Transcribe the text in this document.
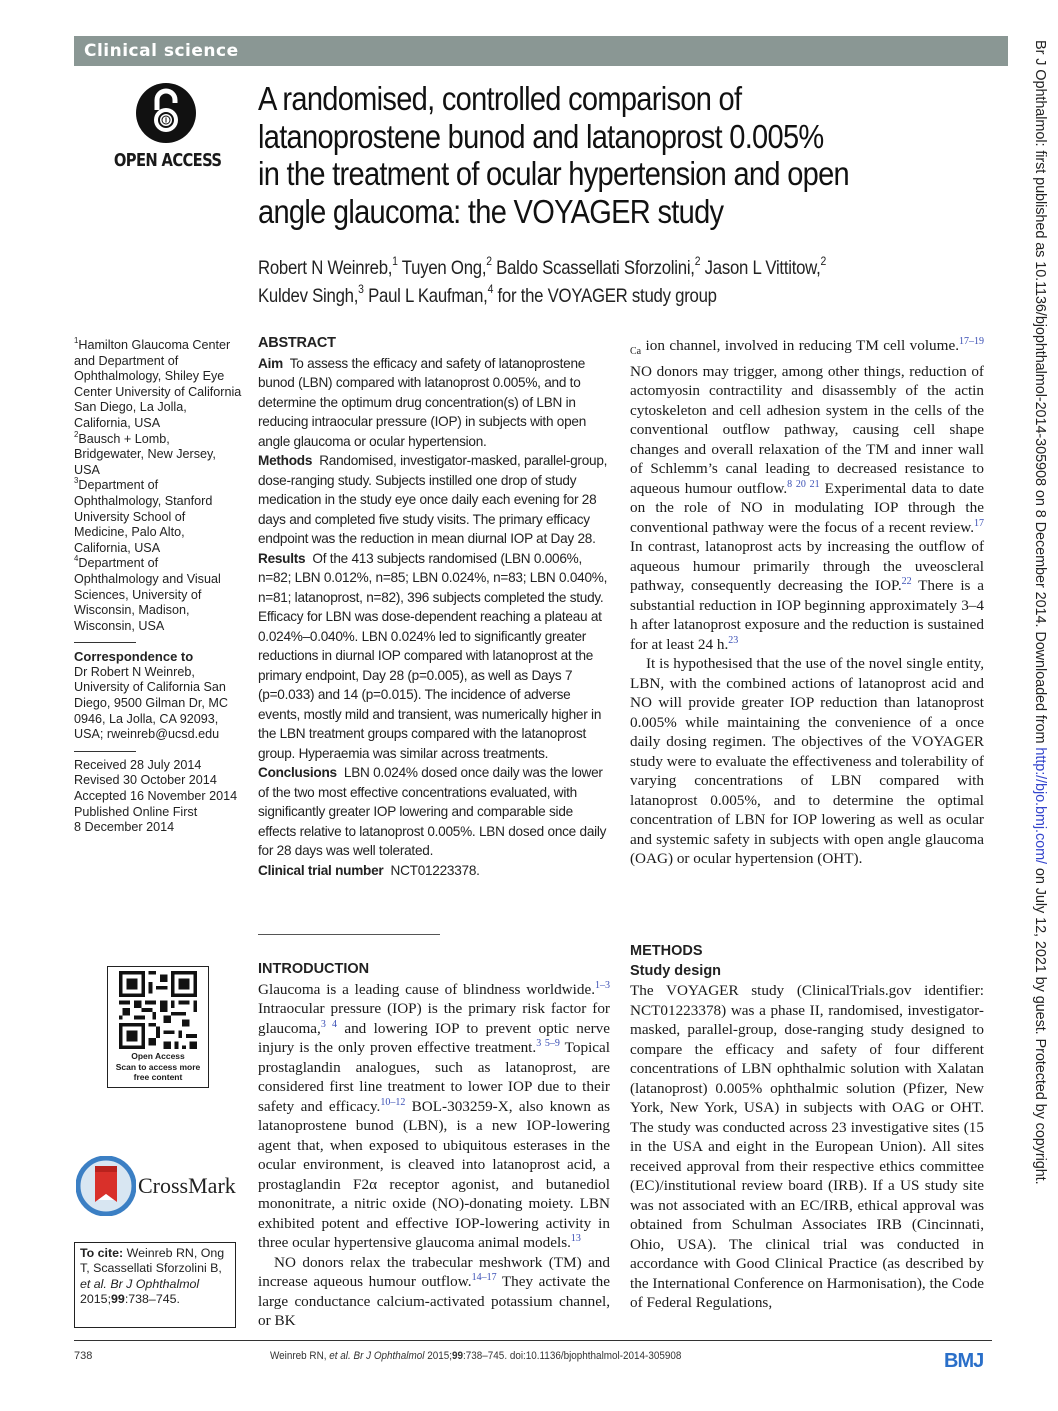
Clinical science
OPEN ACCESS
A randomised, controlled comparison of
latanoprostene bunod and latanoprost 0.005%
in the treatment of ocular hypertension and open
angle glaucoma: the VOYAGER study
Robert N Weinreb,$^1$ Tuyen Ong,$^2$ Baldo Scassellati Sforzolini,$^2$ Jason L Vittitow,$^2$
Kuldev Singh,$^3$ Paul L Kaufman,$^4$ for the VOYAGER study group

$^1$Hamilton Glaucoma Center and Department of Ophthalmology, Shiley Eye Center University of California San Diego, La Jolla, California, USA

$^2$Bausch + Lomb, Bridgewater, New Jersey, USA

$^3$Department of Ophthalmology, Stanford University School of Medicine, Palo Alto, California, USA

$^4$Department of Ophthalmology and Visual Sciences, University of Wisconsin, Madison, Wisconsin, USA

Correspondence to

Dr Robert N Weinreb, University of California San Diego, 9500 Gilman Dr, MC 0946, La Jolla, CA 92093, USA; rweinreb@ucsd.edu

Received 28 July 2014

Revised 30 October 2014

Accepted 16 November 2014

Published Online First

8 December 2014

Open Access
Scan to access more
free content
CrossMark
To cite: Weinreb RN, Ong T, Scassellati Sforzolini B, et al. Br J Ophthalmol 2015;99:738–745.

ABSTRACT

Aim To assess the efficacy and safety of latanoprostene bunod (LBN) compared with latanoprost 0.005%, and to determine the optimum drug concentration(s) of LBN in reducing intraocular pressure (IOP) in subjects with open angle glaucoma or ocular hypertension.

Methods Randomised, investigator-masked, parallel-group, dose-ranging study. Subjects instilled one drop of study medication in the study eye once daily each evening for 28 days and completed five study visits. The primary efficacy endpoint was the reduction in mean diurnal IOP at Day 28.

Results Of the 413 subjects randomised (LBN 0.006%, n=82; LBN 0.012%, n=85; LBN 0.024%, n=83; LBN 0.040%, n=81; latanoprost, n=82), 396 subjects completed the study. Efficacy for LBN was dose-dependent reaching a plateau at 0.024%–0.040%. LBN 0.024% led to significantly greater reductions in diurnal IOP compared with latanoprost at the primary endpoint, Day 28 (p=0.005), as well as Days 7 (p=0.033) and 14 (p=0.015). The incidence of adverse events, mostly mild and transient, was numerically higher in the LBN treatment groups compared with the latanoprost group. Hyperaemia was similar across treatments.

Conclusions LBN 0.024% dosed once daily was the lower of the two most effective concentrations evaluated, with significantly greater IOP lowering and comparable side effects relative to latanoprost 0.005%. LBN dosed once daily for 28 days was well tolerated.

Clinical trial number NCT01223378.

INTRODUCTION
Glaucoma is a leading cause of blindness worldwide.$^{1-3}$ Intraocular pressure (IOP) is the primary risk factor for glaucoma,$^{3 4}$ and lowering IOP to prevent optic nerve injury is the only proven effective treatment.$^{3 5-9}$ Topical prostaglandin analogues, such as latanoprost, are considered first line treatment to lower IOP due to their safety and efficacy.$^{10-12}$ BOL-303259-X, also known as latanoprostene bunod (LBN), is a new IOP-lowering agent that, when exposed to ubiquitous esterases in the ocular environment, is cleaved into latanoprost acid, a prostaglandin F2α receptor agonist, and butanediol mononitrate, a nitric oxide (NO)-donating moiety. LBN exhibited potent and effective IOP-lowering activity in three ocular hypertensive glaucoma animal models.$^{13}$
NO donors relax the trabecular meshwork (TM) and increase aqueous humour outflow.$^{14-17}$ They activate the large conductance calcium-activated potassium channel, or BK
$_{Ca}$ ion channel, involved in reducing TM cell volume.$^{17-19}$ NO donors may trigger, among other things, reduction of actomyosin contractility and disassembly of the actin cytoskeleton and cell adhesion system in the cells of the conventional outflow pathway, causing cell shape changes and overall relaxation of the TM and inner wall of Schlemm’s canal leading to decreased resistance to aqueous humour outflow.$^{8 20 21}$ Experimental data to date on the role of NO in modulating IOP through the conventional pathway were the focus of a recent review.$^{17}$ In contrast, latanoprost acts by increasing the outflow of aqueous humour primarily through the uveoscleral pathway, consequently decreasing the IOP.$^{22}$ There is a substantial reduction in IOP beginning approximately 3–4 h after latanoprost exposure and the reduction is sustained for at least 24 h.$^{23}$
It is hypothesised that the use of the novel single entity, LBN, with the combined actions of latanoprost acid and NO will provide greater IOP reduction than latanoprost 0.005% while maintaining the convenience of a once daily dosing regimen. The objectives of the VOYAGER study were to evaluate the effectiveness and tolerability of varying concentrations of LBN compared with latanoprost 0.005%, and to determine the optimal concentration of LBN for IOP lowering as well as ocular and systemic safety in subjects with open angle glaucoma (OAG) or ocular hypertension (OHT).
METHODS
Study design
The VOYAGER study (ClinicalTrials.gov identifier: NCT01223378) was a phase II, randomised, investigator-masked, parallel-group, dose-ranging study designed to compare the efficacy and safety of four different concentrations of LBN ophthalmic solution with Xalatan (latanoprost) 0.005% ophthalmic solution (Pfizer, New York, New York, USA) in subjects with OAG or OHT. The study was conducted across 23 investigative sites (15 in the USA and eight in the European Union). All sites received approval from their respective ethics committee (EC)/institutional review board (IRB). If a US study site was not associated with an EC/IRB, ethical approval was obtained from Schulman Associates IRB (Cincinnati, Ohio, USA). The clinical trial was conducted in accordance with Good Clinical Practice (as described by the International Conference on Harmonisation), the Code of Federal Regulations,
738	Weinreb RN, et al. Br J Ophthalmol 2015;99:738–745. doi:10.1136/bjophthalmol-2014-305908	BMJ
Br J Ophthalmol: first published as 10.1136/bjophthalmol-2014-305908 on 8 December 2014. Downloaded from http://bjo.bmj.com/ on July 12, 2021 by guest. Protected by copyright.
